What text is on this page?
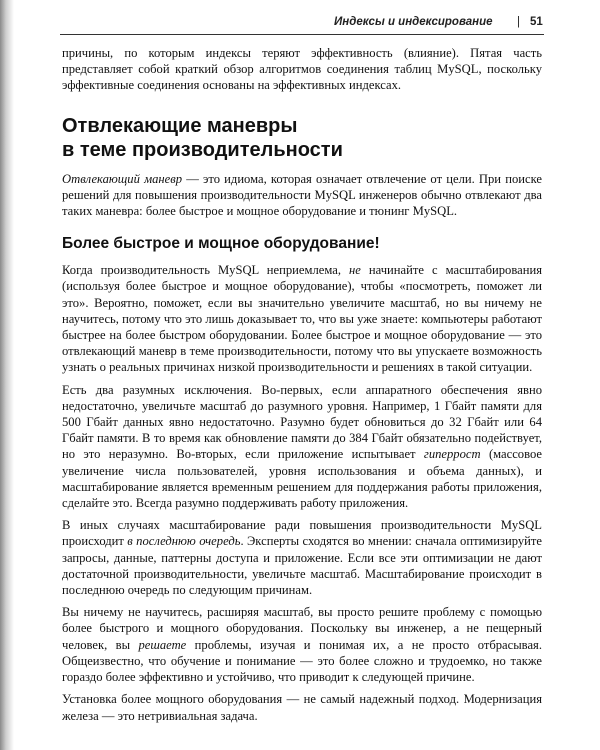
Индексы и индексирование | 51

причины, по которым индексы теряют эффективность (влияние). Пятая часть представляет собой краткий обзор алгоритмов соединения таблиц MySQL, поскольку эффективные соединения основаны на эффективных индексах.

Отвлекающие маневры
в теме производительности

Отвлекающий маневр — это идиома, которая означает отвлечение от цели. При поиске решений для повышения производительности MySQL инженеров обычно отвлекают два таких маневра: более быстрое и мощное оборудование и тюнинг MySQL.

Более быстрое и мощное оборудование!

Когда производительность MySQL неприемлема, не начинайте с масштабирования (используя более быстрое и мощное оборудование), чтобы «посмотреть, поможет ли это». Вероятно, поможет, если вы значительно увеличите масштаб, но вы ничему не научитесь, потому что это лишь доказывает то, что вы уже знаете: компьютеры работают быстрее на более быстром оборудовании. Более быстрое и мощное оборудование — это отвлекающий маневр в теме производительности, потому что вы упускаете возможность узнать о реальных причинах низкой производительности и решениях в такой ситуации.

Есть два разумных исключения. Во-первых, если аппаратного обеспечения явно недостаточно, увеличьте масштаб до разумного уровня. Например, 1 Гбайт памяти для 500 Гбайт данных явно недостаточно. Разумно будет обновиться до 32 Гбайт или 64 Гбайт памяти. В то время как обновление памяти до 384 Гбайт обязательно подействует, но это неразумно. Во-вторых, если приложение испытывает гиперрост (массовое увеличение числа пользователей, уровня использования и объема данных), и масштабирование является временным решением для поддержания работы приложения, сделайте это. Всегда разумно поддерживать работу приложения.

В иных случаях масштабирование ради повышения производительности MySQL происходит в последнюю очередь. Эксперты сходятся во мнении: сначала оптимизируйте запросы, данные, паттерны доступа и приложение. Если все эти оптимизации не дают достаточной производительности, увеличьте масштаб. Масштабирование происходит в последнюю очередь по следующим причинам.

Вы ничему не научитесь, расширяя масштаб, вы просто решите проблему с помощью более быстрого и мощного оборудования. Поскольку вы инженер, а не пещерный человек, вы решаете проблемы, изучая и понимая их, а не просто отбрасывая. Общеизвестно, что обучение и понимание — это более сложно и трудоемко, но также гораздо более эффективно и устойчиво, что приводит к следующей причине.

Установка более мощного оборудования — не самый надежный подход. Модернизация железа — это нетривиальная задача.
